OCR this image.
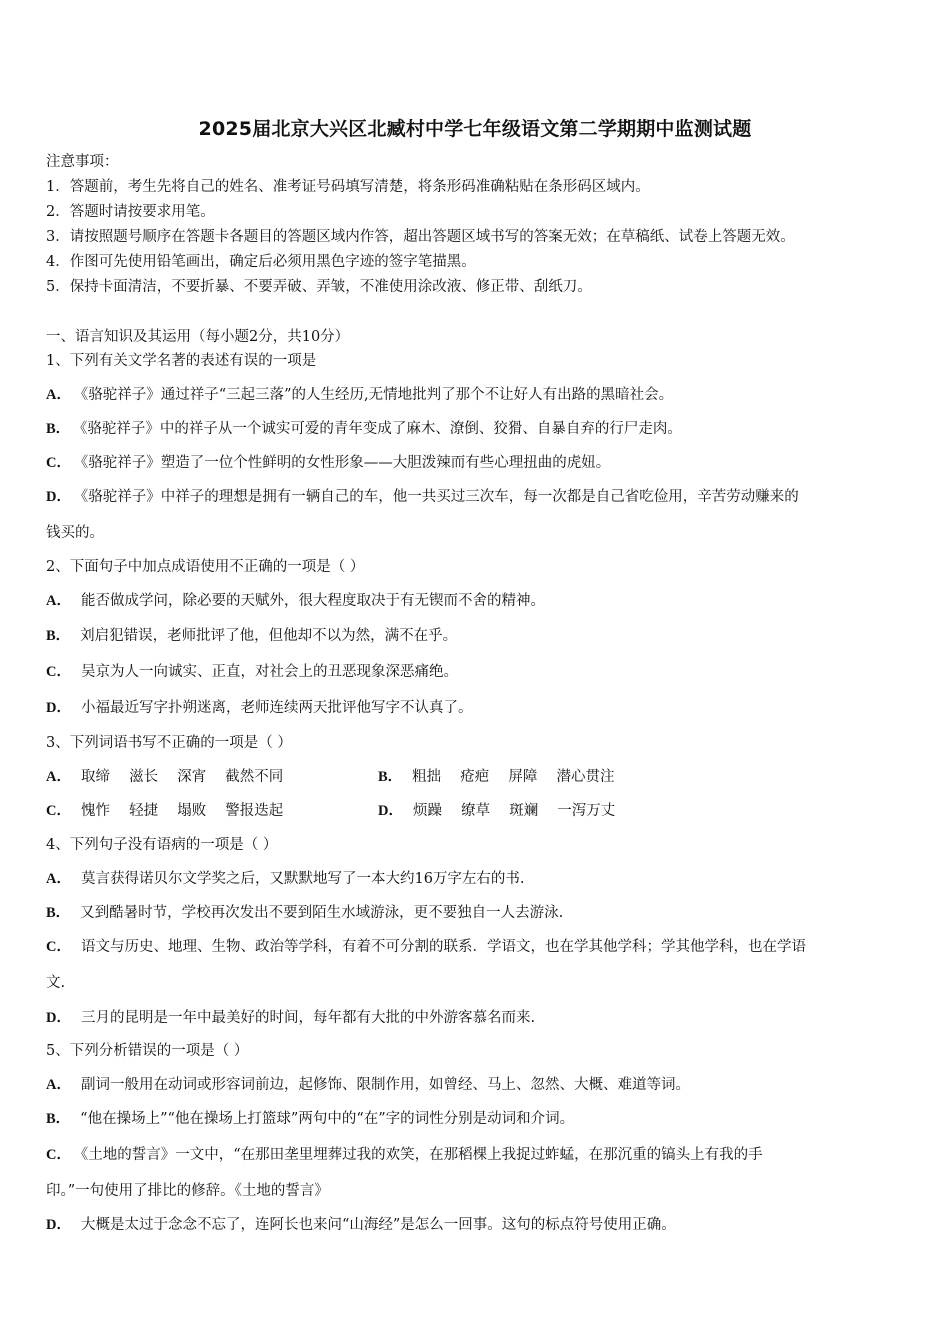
2025届北京大兴区北臧村中学七年级语文第二学期期中监测试题
注意事项：
1．答题前，考生先将自己的姓名、准考证号码填写清楚，将条形码准确粘贴在条形码区域内。
2．答题时请按要求用笔。
3．请按照题号顺序在答题卡各题目的答题区域内作答，超出答题区域书写的答案无效；在草稿纸、试卷上答题无效。
4．作图可先使用铅笔画出，确定后必须用黑色字迹的签字笔描黑。
5．保持卡面清洁，不要折暴、不要弄破、弄皱，不准使用涂改液、修正带、刮纸刀。
一、语言知识及其运用（每小题2分，共10分）
1、下列有关文学名著的表述有误的一项是
A． 《骆驼祥子》通过祥子“三起三落”的人生经历,无情地批判了那个不让好人有出路的黑暗社会。
B． 《骆驼祥子》中的祥子从一个诚实可爱的青年变成了麻木、潦倒、狡猾、自暴自弃的行尸走肉。
C． 《骆驼祥子》塑造了一位个性鲜明的女性形象——大胆泼辣而有些心理扭曲的虎妞。
D． 《骆驼祥子》中祥子的理想是拥有一辆自己的车，他一共买过三次车，每一次都是自己省吃俭用，辛苦劳动赚来的
钱买的。
2、下面句子中加点成语使用不正确的一项是（ ）
A． 能否做成学问，除必要的天赋外，很大程度取决于有无锲而不舍的精神。
B． 刘启犯错误，老师批评了他，但他却不以为然，满不在乎。
C． 吴京为人一向诚实、正直，对社会上的丑恶现象深恶痛绝。
D． 小福最近写字扑朔迷离，老师连续两天批评他写字不认真了。
3、下列词语书写不正确的一项是（ ）
A． 取缔　 滋长　 深宵　 截然不同	B． 粗拙　 疮疤　 屏障　 潜心贯注
C． 愧怍　 轻捷　 塌败　 警报迭起	D． 烦躁　 缭草　 斑斓　 一泻万丈
4、下列句子没有语病的一项是（ ）
A． 莫言获得诺贝尔文学奖之后，又默默地写了一本大约16万字左右的书.
B． 又到酷暑时节，学校再次发出不要到陌生水域游泳，更不要独自一人去游泳.
C． 语文与历史、地理、生物、政治等学科，有着不可分割的联系．学语文，也在学其他学科；学其他学科，也在学语
文.
D． 三月的昆明是一年中最美好的时间，每年都有大批的中外游客慕名而来.
5、下列分析错误的一项是（ ）
A． 副词一般用在动词或形容词前边，起修饰、限制作用，如曾经、马上、忽然、大概、难道等词。
B． “他在操场上”“他在操场上打篮球”两句中的“在”字的词性分别是动词和介词。
C． 《土地的誓言》一文中，“在那田垄里埋葬过我的欢笑，在那稻棵上我捉过蚱蜢，在那沉重的镐头上有我的手
印。”一句使用了排比的修辞。《土地的誓言》
D． 大概是太过于念念不忘了，连阿长也来问“山海经”是怎么一回事。这句的标点符号使用正确。
